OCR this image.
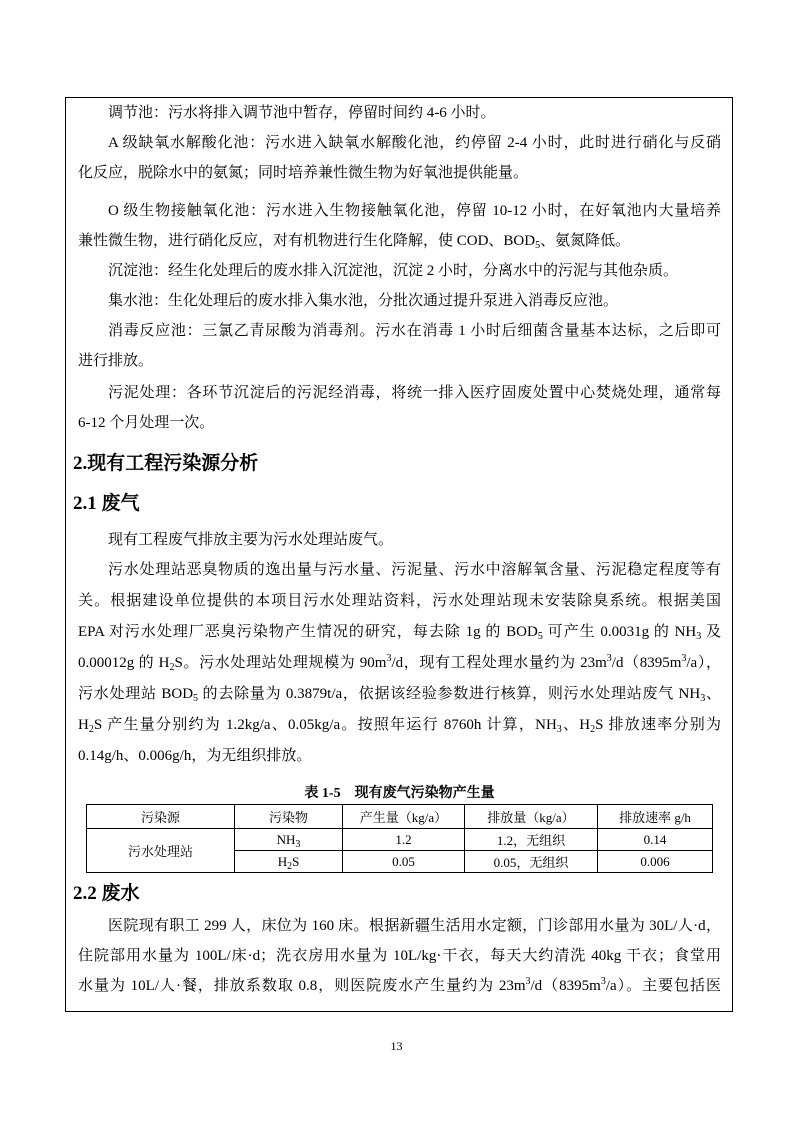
调节池：污水将排入调节池中暂存，停留时间约 4-6 小时。
A 级缺氧水解酸化池：污水进入缺氧水解酸化池，约停留 2-4 小时，此时进行硝化与反硝
化反应，脱除水中的氨氮；同时培养兼性微生物为好氧池提供能量。
O 级生物接触氧化池：污水进入生物接触氧化池，停留 10-12 小时，在好氧池内大量培养
兼性微生物，进行硝化反应，对有机物进行生化降解，使 COD、$BOD_5$、氨氮降低。
沉淀池：经生化处理后的废水排入沉淀池，沉淀 2 小时，分离水中的污泥与其他杂质。
集水池：生化处理后的废水排入集水池，分批次通过提升泵进入消毒反应池。
消毒反应池：三氯乙青尿酸为消毒剂。污水在消毒 1 小时后细菌含量基本达标，之后即可
进行排放。
污泥处理：各环节沉淀后的污泥经消毒，将统一排入医疗固废处置中心焚烧处理，通常每
6-12 个月处理一次。
2.现有工程污染源分析
2.1 废气
现有工程废气排放主要为污水处理站废气。
污水处理站恶臭物质的逸出量与污水量、污泥量、污水中溶解氧含量、污泥稳定程度等有
关。根据建设单位提供的本项目污水处理站资料，污水处理站现未安装除臭系统。根据美国
EPA 对污水处理厂恶臭污染物产生情况的研究，每去除 1g 的 $BOD_5$ 可产生 0.0031g 的 $NH_3$ 及
0.00012g 的 $H_2S$。污水处理站处理规模为 $90m^3/d$，现有工程处理水量约为 $23m^3/d(8395m^3/a)$，
污水处理站 $BOD_5$ 的去除量为 0.3879t/a，依据该经验参数进行核算，则污水处理站废气 $NH_3$、
$H_2S$ 产生量分别约为 1.2kg/a、0.05kg/a。按照年运行 8760h 计算，$NH_3$、$H_2S$ 排放速率分别为
0.14g/h、0.006g/h，为无组织排放。
表 1-5　现有废气污染物产生量
污染源	污染物	产生量（kg/a）	排放量（kg/a）	排放速率 g/h
污水处理站	$NH_3$	1.2	1.2，无组织	0.14
	$H_2S$	0.05	0.05，无组织	0.006
2.2 废水
医院现有职工 299 人，床位为 160 床。根据新疆生活用水定额，门诊部用水量为 30L/人·d，
住院部用水量为 100L/床·d；洗衣房用水量为 10L/kg·干衣，每天大约清洗 40kg 干衣；食堂用
水量为 10L/人·餐，排放系数取 0.8，则医院废水产生量约为 $23m^3/d(8395m^3/a)$。主要包括医
13
